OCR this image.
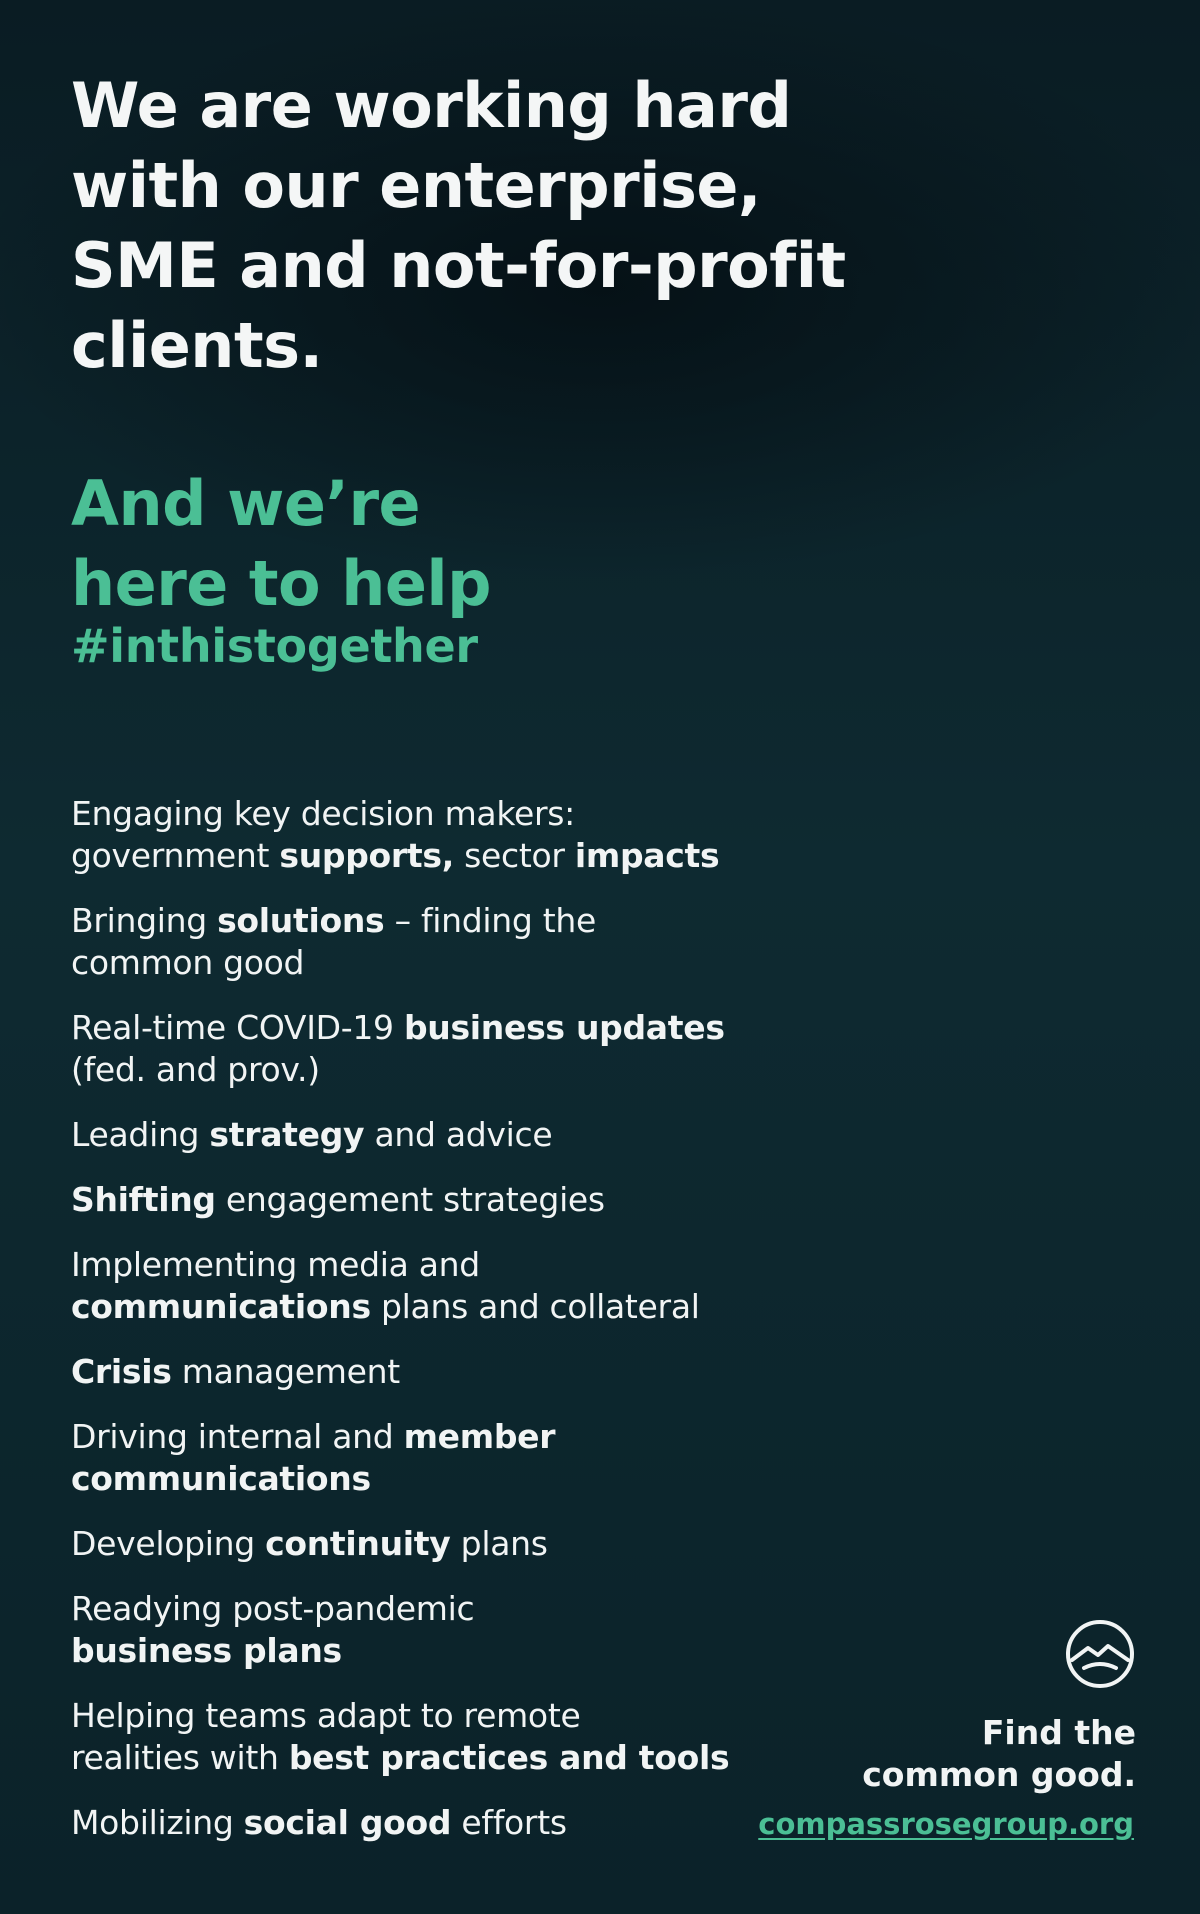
We are working hard
with our enterprise,
SME and not-for-profit
clients.
And we’re
here to help
#inthistogether
Engaging key decision makers:
government supports, sector impacts
Bringing solutions – finding the
common good
Real-time COVID-19 business updates
(fed. and prov.)
Leading strategy and advice
Shifting engagement strategies
Implementing media and
communications plans and collateral
Crisis management
Driving internal and member
communications
Developing continuity plans
Readying post-pandemic
business plans
Helping teams adapt to remote
realities with best practices and tools
Mobilizing social good efforts

Find the
common good.

compassrosegroup.org
